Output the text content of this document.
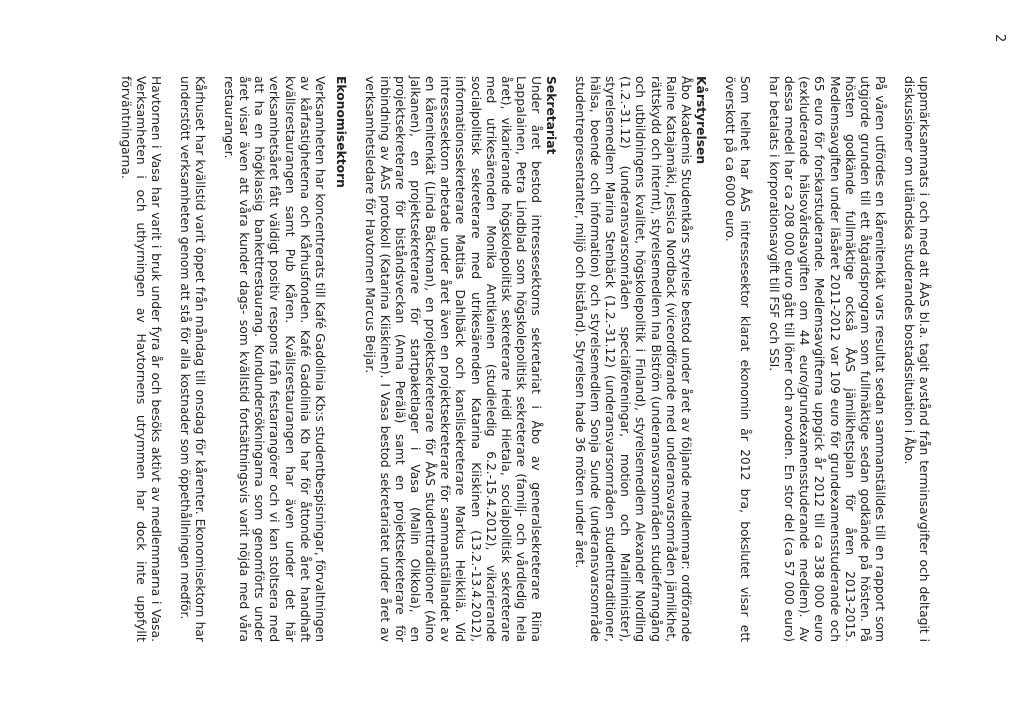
2

uppmärksammats i och med att ÅAS bl.a. tagit avstånd från terminsavgifter och deltagit i diskussioner om utländska studerandes bostadssituation i Åbo.

På våren utfördes en kårenitenkät vars resultat sedan sammanställdes till en rapport som utgjorde grunden till ett åtgärdsprogram som fullmäktige sedan godkände på hösten. På hösten godkände fullmäktige också ÅAS jämlikhetsplan för åren 2013-2015. Medlemsavgiften under läsåret 2011-2012 var 109 euro för grundexamensstuderande och 65 euro för forskarstuderande. Medlemsavgifterna uppgick år 2012 till ca 338 000 euro (exkluderande hälsovårdsavgiften om 44 euro/grundexamensstuderande medlem). Av dessa medel har ca 208 000 euro gått till löner och arvoden. En stor del (ca 57 000 euro) har betalats i korporationsavgift till FSF och SSI.

Som helhet har ÅAS intressesektor klarat ekonomin år 2012 bra, bokslutet visar ett överskott på ca 6000 euro.

Kårstyrelsen

Åbo Akademis Studentkårs styrelse bestod under året av följande medlemmar: ordförande Raine Katajamäki, Jessica Nordback (viceordförande med underansvarsområden jämlikhet, rättskydd och internt), styrelsemedlem Ina Biström (underansvarsområden studieframgång och utbildningens kvalitet, högskolepolitik i Finland), styrelsemedlem Alexander Nordling (1.2.-31.12) (underansvarsområden specialföreningar, motion och Marilminister), styrelsemedlem Marina Stenbäck (1.2.-31.12) (underansvarsområden studenttraditioner, hälsa, boende och information) och styrelsemedlem Sonja Sunde (underansvarsområde studentrepresentanter, miljö och bistånd). Styrelsen hade 36 möten under året.

Sekretariat

Under året bestod intressesektorns sekretariat i Åbo av generalsekreterare Riina Lappalainen, Petra Lindblad som högskolepolitisk sekreterare (familj- och vårdledig hela året), vikarierande högskolepolitisk sekreterare Heidi Hietala, socialpolitisk sekreterare med utrikesärenden Monika Antikainen (studieledig 6.2.-15.4.2012), vikarierande socialpolitisk sekreterare med utrikesärenden Katarina Kiiskinen (13.2.-13.4.2012), informationssekreterare Mattias Dahlbäck och kanslisekreterare Markus Heikkilä. Vid intressesektorn arbetade under året även en projektsekreterare för sammanställandet av en kårenitenkät (Linda Bäckman), en projektsekreterare för ÅAS studenttraditioner (Aino Jalkanen), en projektsekreterare för startpaketlager i Vasa (Malin Olkkola), en projektsekreterare för biståndsveckan (Anna Perälä) samt en projektsekreterare för inbindning av ÅAS protokoll (Katarina Kiiskinen). I Vasa bestod sekretariatet under året av verksamhetsledare för Havtornen Marcus Beijar.

Ekonomisektorn

Verksamheten har koncentrerats till Kafé Gadolinia Kb:s studentbespisningar, förvaltningen av kårfastigheterna och Kårhusfonden. Kafé Gadolinia Kb har för åttonde året handhaft kvällsrestaurangen samt Pub Kåren. Kvällsrestaurangen har även under det här verksamhetsåret fått väldigt positiv respons från festarrangörer och vi kan stoltsera med att ha en högklassig bankettrestaurang. Kundundersökningarna som genomförts under året visar även att våra kunder dags- som kvällstid fortsättningsvis varit nöjda med våra restauranger.

Kårhuset har kvällstid varit öppet från måndag till onsdag för kårenter. Ekonomisektorn har understött verksamheten genom att stå för alla kostnader som öppethållningen medför.

Havtornen i Vasa har varit i bruk under fyra år och besöks aktivt av medlemmarna i Vasa. Verksamheten i och uthyrningen av Havtornens utrymmen har dock inte uppfyllt förväntningarna.
